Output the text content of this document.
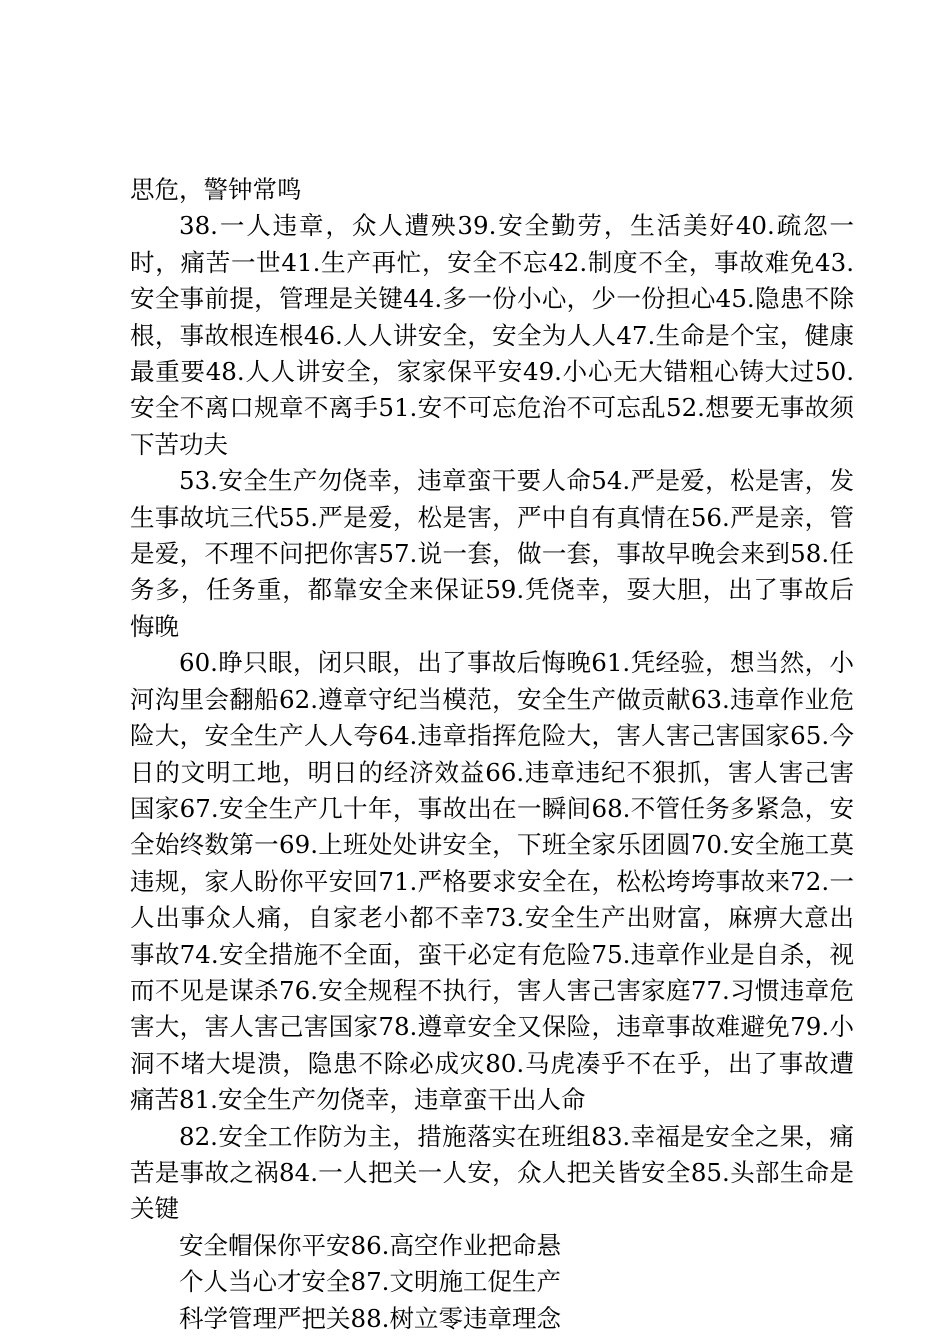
思危，警钟常鸣

38.一人违章，众人遭殃39.安全勤劳，生活美好40.疏忽一时，痛苦一世41.生产再忙，安全不忘42.制度不全，事故难免43.安全事前提，管理是关键44.多一份小心，少一份担心45.隐患不除根，事故根连根46.人人讲安全，安全为人人47.生命是个宝，健康最重要48.人人讲安全，家家保平安49.小心无大错粗心铸大过50.安全不离口规章不离手51.安不可忘危治不可忘乱52.想要无事故须下苦功夫

53.安全生产勿侥幸，违章蛮干要人命54.严是爱，松是害，发生事故坑三代55.严是爱，松是害，严中自有真情在56.严是亲，管是爱，不理不问把你害57.说一套，做一套，事故早晚会来到58.任务多，任务重，都靠安全来保证59.凭侥幸，耍大胆，出了事故后悔晚

60.睁只眼，闭只眼，出了事故后悔晚61.凭经验，想当然，小河沟里会翻船62.遵章守纪当模范，安全生产做贡献63.违章作业危险大，安全生产人人夸64.违章指挥危险大，害人害己害国家65.今日的文明工地，明日的经济效益66.违章违纪不狠抓，害人害己害国家67.安全生产几十年，事故出在一瞬间68.不管任务多紧急，安全始终数第一69.上班处处讲安全，下班全家乐团圆70.安全施工莫违规，家人盼你平安回71.严格要求安全在，松松垮垮事故来72.一人出事众人痛，自家老小都不幸73.安全生产出财富，麻痹大意出事故74.安全措施不全面，蛮干必定有危险75.违章作业是自杀，视而不见是谋杀76.安全规程不执行，害人害己害家庭77.习惯违章危害大，害人害己害国家78.遵章安全又保险，违章事故难避免79.小洞不堵大堤溃，隐患不除必成灾80.马虎凑乎不在乎，出了事故遭痛苦81.安全生产勿侥幸，违章蛮干出人命

82.安全工作防为主，措施落实在班组83.幸福是安全之果，痛苦是事故之祸84.一人把关一人安，众人把关皆安全85.头部生命是关键

安全帽保你平安86.高空作业把命悬

个人当心才安全87.文明施工促生产

科学管理严把关88.树立零违章理念
